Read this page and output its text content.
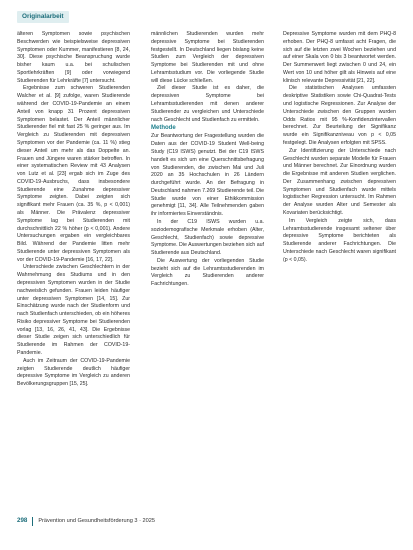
Originalarbeit

älteren Symptomen sowie psychischen Beschwerden wie beispielsweise depressiven Symptomen oder Kummer, manifestieren [8, 24, 30]. Diese psychische Beanspruchung wurde bisher kaum u.a. bei schulischen Sportlehrkräften [9] oder vorwiegend Studierenden für Lehrkräfte [7] untersucht.

Ergebnisse zum schweren Studierenden Walcher et al. [9] zufolge, waren Studierende während der COVID-19-Pandemie an einem Anteil von knapp 31 Prozent depressiven Symptomen belastet. Der Anteil männlicher Studierender fiel mit fast 25 % geringer aus. Im Vergleich zu Studierenden mit depressiven Symptomen vor der Pandemie (ca. 11 %) stieg dieser Anteil um mehr als das Doppelte an. Frauen und Jüngere waren stärker betroffen. In einer systematischen Review mit 43 Analysen von Lutz et al. [23] ergab sich im Zuge des COVID-19-Ausbruchs, dass insbesondere Studierende eine Zunahme depressiver Symptome zeigten. Dabei zeigten sich signifikant mehr Frauen (ca. 35 %, p < 0,001) als Männer. Die Prävalenz depressiver Symptome lag bei Studierenden mit durchschnittlich 22 % höher (p < 0,001). Andere Untersuchungen ergaben ein vergleichbares Bild. Während der Pandemie litten mehr Studierende unter depressiven Symptomen als vor der COVID-19-Pandemie [16, 17, 22].

Unterschiede zwischen Geschlechtern in der Wahrnehmung des Studiums und in den depressiven Symptomen wurden in der Studie nachweislich gefunden. Frauen leiden häufiger unter depressiven Symptomen [14, 15]. Zur Einschätzung wurde nach der Studienform und nach Studienfach unterschieden, ob ein höheres Risiko depressiver Symptome bei Studierenden vorlag [13, 16, 26, 41, 43]. Die Ergebnisse dieser Studie zeigen sich unterschiedlich für Studierende im Rahmen der COVID-19-Pandemie.

Auch im Zeitraum der COVID-19-Pandemie zeigten Studierende deutlich häufiger depressive Symptome im Vergleich zu anderen Bevölkerungsgruppen [15, 25].

männlichen Studierenden wurden mehr depressive Symptome bei Studierenden festgestellt. In Deutschland liegen bislang keine Studien zum Vergleich der depressiven Symptome bei Studierenden mit und ohne Lehramtsstudium vor. Die vorliegende Studie will diese Lücke schließen.

Ziel dieser Studie ist es daher, die depressiven Symptome bei Lehramtsstudierenden mit denen anderer Studierender zu vergleichen und Unterschiede nach Geschlecht und Studienfach zu ermitteln.

Methode

Zur Beantwortung der Fragestellung wurden die Daten aus der COVID-19 Student Well-being Study (C19 ISWS) genutzt. Bei der C19 ISWS handelt es sich um eine Querschnittsbefragung von Studierenden, die zwischen Mai und Juli 2020 an 35 Hochschulen in 26 Ländern durchgeführt wurde. An der Befragung in Deutschland nahmen 7.269 Studierende teil. Die Studie wurde von einer Ethikkommission genehmigt [11, 34]. Alle Teilnehmenden gaben ihr informiertes Einverständnis.

In der C19 ISWS wurden u.a. soziodemografische Merkmale erhoben (Alter, Geschlecht, Studienfach) sowie depressive Symptome. Die Auswertungen beziehen sich auf Studierende aus Deutschland.

Die Auswertung der vorliegenden Studie bezieht sich auf die Lehramtsstudierenden im Vergleich zu Studierenden anderer Fachrichtungen.

Depressive Symptome wurden mit dem PHQ-8 erhoben. Der PHQ-8 umfasst acht Fragen, die sich auf die letzten zwei Wochen beziehen und auf einer Skala von 0 bis 3 beantwortet werden. Der Summenwert liegt zwischen 0 und 24, ein Wert von 10 und höher gilt als Hinweis auf eine klinisch relevante Depressivität [21, 22].

Die statistischen Analysen umfassten deskriptive Statistiken sowie Chi-Quadrat-Tests und logistische Regressionen. Zur Analyse der Unterschiede zwischen den Gruppen wurden Odds Ratios mit 95 %-Konfidenzintervallen berechnet. Zur Beurteilung der Signifikanz wurde ein Signifikanzniveau von p < 0,05 festgelegt. Die Analysen erfolgten mit SPSS.

Zur Identifizierung der Unterschiede nach Geschlecht wurden separate Modelle für Frauen und Männer berechnet. Zur Einordnung wurden die Ergebnisse mit anderen Studien verglichen. Der Zusammenhang zwischen depressiven Symptomen und Studienfach wurde mittels logistischer Regression untersucht. Im Rahmen der Analyse wurden Alter und Semester als Kovariaten berücksichtigt.

Im Vergleich zeigte sich, dass Lehramtsstudierende insgesamt seltener über depressive Symptome berichteten als Studierende anderer Fachrichtungen. Die Unterschiede nach Geschlecht waren signifikant (p < 0,05).

298 Prävention und Gesundheitsförderung 3 · 2025
